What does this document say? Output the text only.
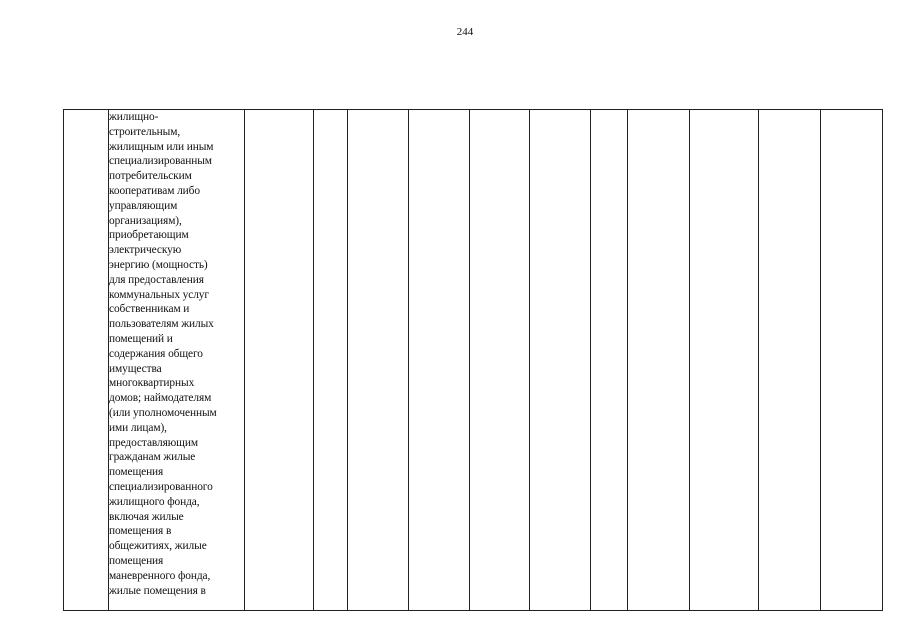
244
	жилищно-
строительным,
жилищным или иным
специализированным
потребительским
кооперативам либо
управляющим
организациям),
приобретающим
электрическую
энергию (мощность)
для предоставления
коммунальных услуг
собственникам и
пользователям жилых
помещений и
содержания общего
имущества
многоквартирных
домов; наймодателям
(или уполномоченным
ими лицам),
предоставляющим
гражданам жилые
помещения
специализированного
жилищного фонда,
включая жилые
помещения в
общежитиях, жилые
помещения
маневренного фонда,
жилые помещения в											
